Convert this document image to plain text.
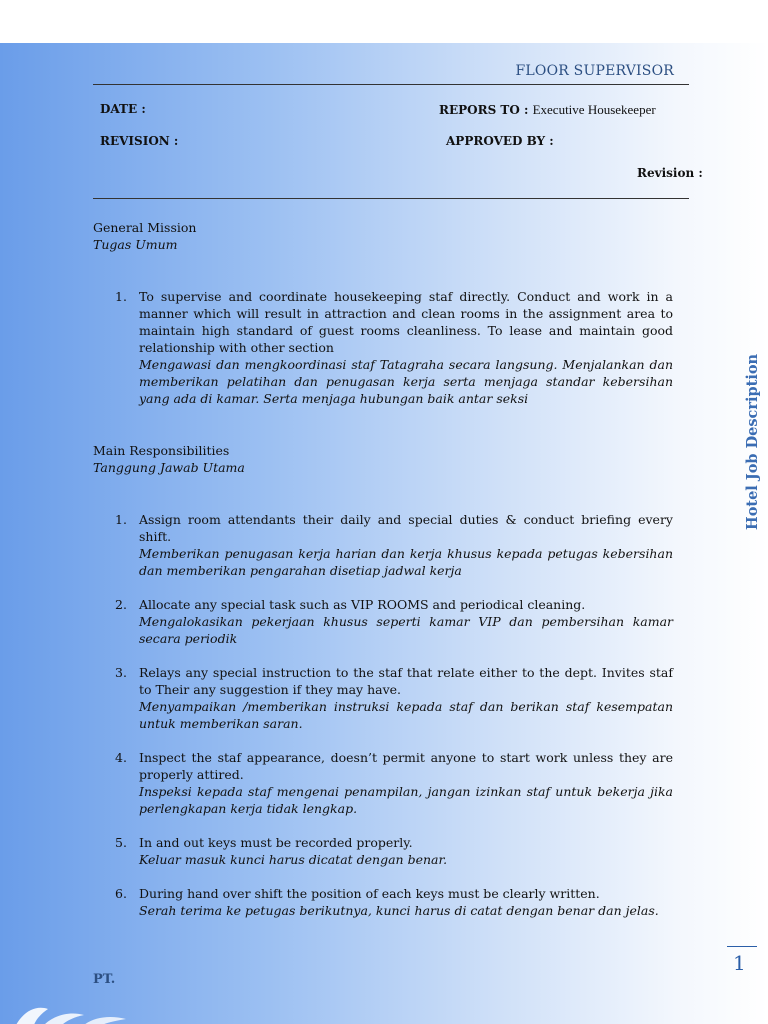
FLOOR SUPERVISOR
DATE :	REPORS TO : Executive Housekeeper
REVISION :	APPROVED BY :
Revision :
General Mission
Tugas Umum
1. To supervise and coordinate housekeeping staf directly. Conduct and work in a manner which will result in attraction and clean rooms in the assignment area to maintain high standard of guest rooms cleanliness. To lease and maintain good relationship with other section
Mengawasi dan mengkoordinasi staf Tatagraha secara langsung. Menjalankan dan memberikan pelatihan dan penugasan kerja serta menjaga standar kebersihan yang ada di kamar. Serta menjaga hubungan baik antar seksi
Main Responsibilities
Tanggung Jawab Utama
1. Assign room attendants their daily and special duties & conduct briefing every shift.
Memberikan penugasan kerja harian dan kerja khusus kepada petugas kebersihan dan memberikan pengarahan disetiap jadwal kerja
2. Allocate any special task such as VIP ROOMS and periodical cleaning.
Mengalokasikan pekerjaan khusus seperti kamar VIP dan pembersihan kamar secara periodik
3. Relays any special instruction to the staf that relate either to the dept. Invites staf to Their any suggestion if they may have.
Menyampaikan /memberikan instruksi kepada staf dan berikan staf kesempatan untuk memberikan saran.
4. Inspect the staf appearance, doesn’t permit anyone to start work unless they are properly attired.
Inspeksi kepada staf mengenai penampilan, jangan izinkan staf untuk bekerja jika perlengkapan kerja tidak lengkap.
5. In and out keys must be recorded properly.
Keluar masuk kunci harus dicatat dengan benar.
6. During hand over shift the position of each keys must be clearly written.
Serah terima ke petugas berikutnya, kunci harus di catat dengan benar dan jelas.
Hotel Job Description
1
PT.
